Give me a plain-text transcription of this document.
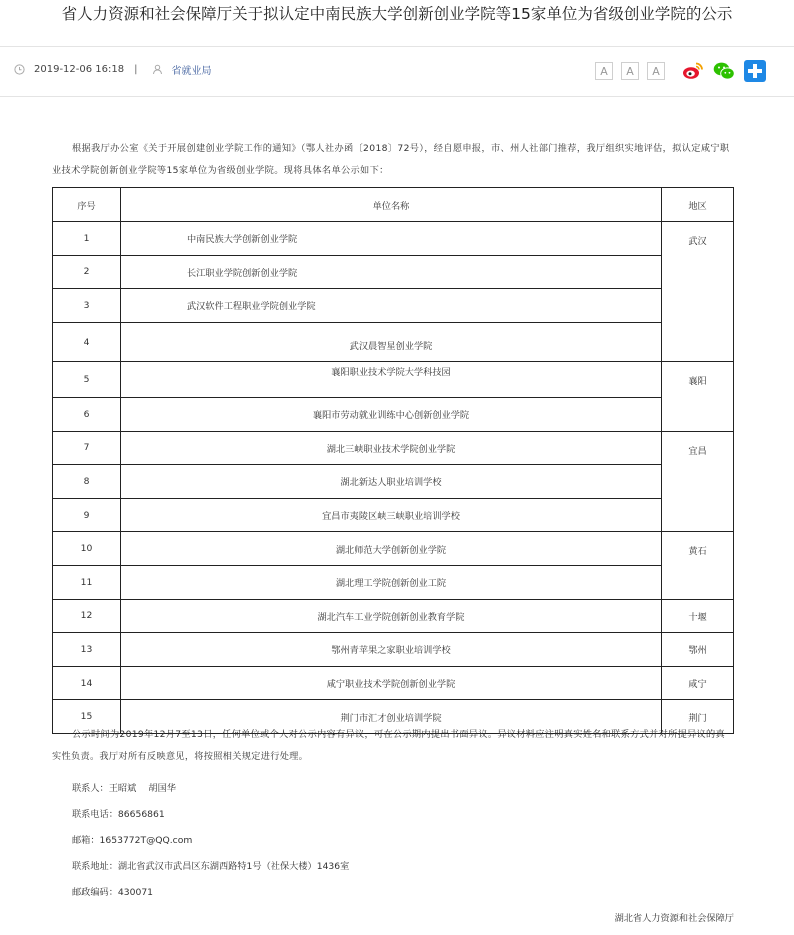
省人力资源和社会保障厅关于拟认定中南民族大学创新创业学院等15家单位为省级创业学院的公示
2019-12-06 16:18 |	省就业局	A	A	A
根据我厅办公室《关于开展创建创业学院工作的通知》（鄂人社办函〔2018〕72号），经自愿申报，市、州人社部门推荐，我厅组织实地评估，拟认定咸宁职业技术学院创新创业学院等15家单位为省级创业学院。现将具体名单公示如下：
序号	单位名称	地区
1	中南民族大学创新创业学院	武汉
2	长江职业学院创新创业学院	
3	武汉软件工程职业学院创业学院	
4	武汉晨智星创业学院	
5	襄阳职业技术学院大学科技园	襄阳
6	襄阳市劳动就业训练中心创新创业学院	
7	湖北三峡职业技术学院创业学院	宜昌
8	湖北新达人职业培训学校	
9	宜昌市夷陵区峡三峡职业培训学校	
10	湖北师范大学创新创业学院	黄石
11	湖北理工学院创新创业工院	
12	湖北汽车工业学院创新创业教育学院	十堰
13	鄂州青苹果之家职业培训学校	鄂州
14	咸宁职业技术学院创新创业学院	咸宁
15	荆门市汇才创业培训学院	荆门
公示时间为2019年12月7至13日，任何单位或个人对公示内容有异议，可在公示期内提出书面异议。异议材料应注明真实姓名和联系方式并对所提异议的真实性负责。我厅对所有反映意见，将按照相关规定进行处理。
联系人：王昭斌　 胡国华
联系电话：86656861
邮箱：1653772T@QQ.com
联系地址：湖北省武汉市武昌区东湖西路特1号（社保大楼）1436室
邮政编码：430071
湖北省人力资源和社会保障厅
